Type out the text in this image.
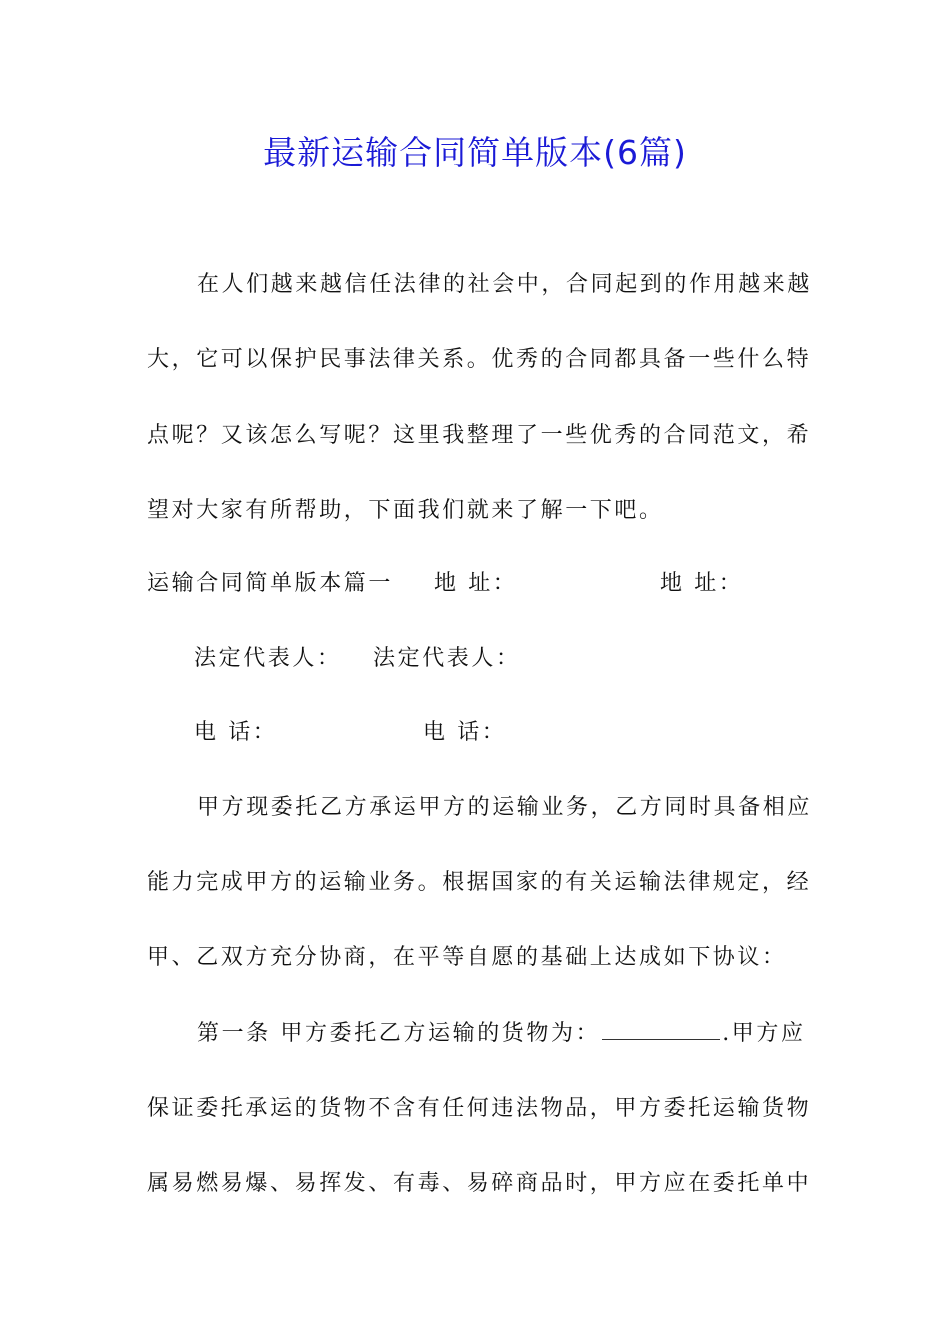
最新运输合同简单版本(6篇)
在人们越来越信任法律的社会中，合同起到的作用越来越
大，它可以保护民事法律关系。优秀的合同都具备一些什么特
点呢？又该怎么写呢？这里我整理了一些优秀的合同范文，希
望对大家有所帮助，下面我们就来了解一下吧。
运输合同简单版本篇一 地 址：	地 址：
法定代表人： 法定代表人：
电 话：	电 话：
甲方现委托乙方承运甲方的运输业务，乙方同时具备相应
能力完成甲方的运输业务。根据国家的有关运输法律规定，经
甲、乙双方充分协商，在平等自愿的基础上达成如下协议：
第一条 甲方委托乙方运输的货物为：	.甲方应
保证委托承运的货物不含有任何违法物品，甲方委托运输货物
属易燃易爆、易挥发、有毒、易碎商品时，甲方应在委托单中
